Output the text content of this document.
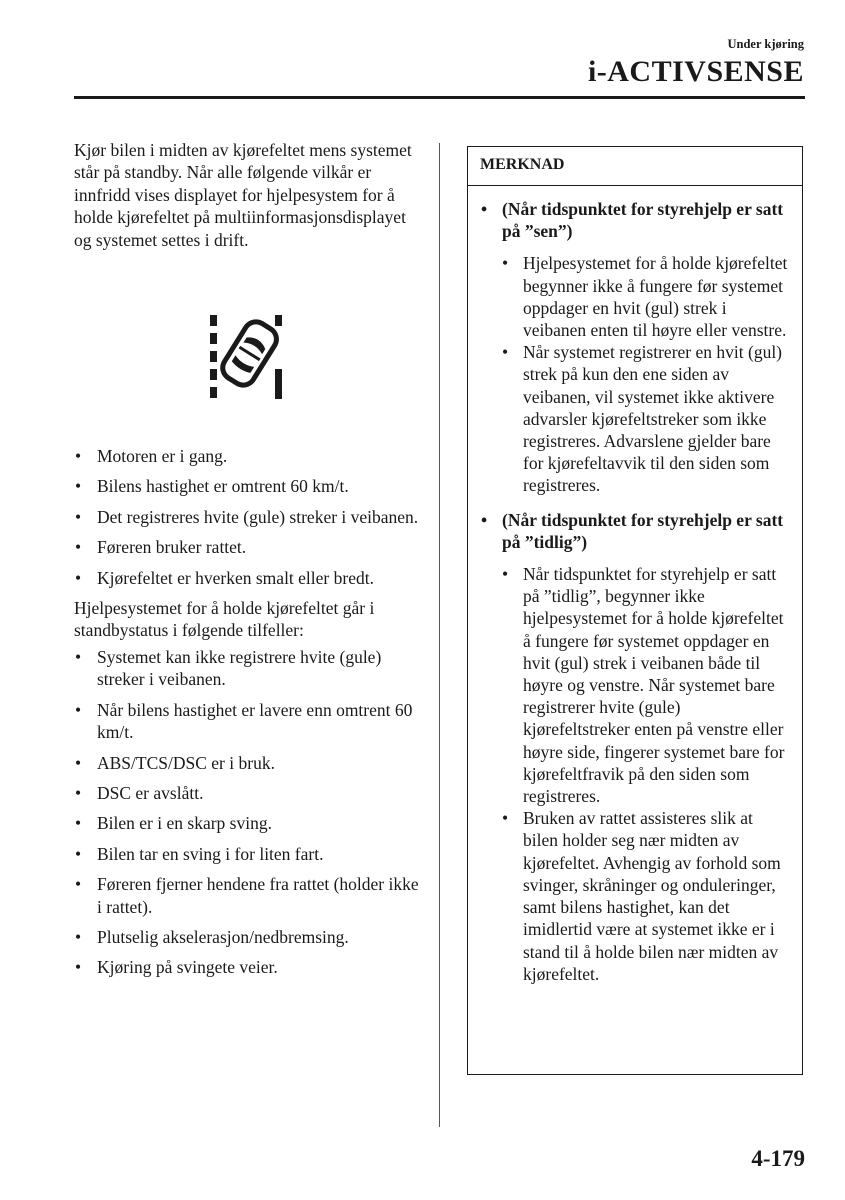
Under kjøring

i-ACTIVSENSE

Kjør bilen i midten av kjørefeltet mens systemet står på standby. Når alle følgende vilkår er innfridd vises displayet for hjelpesystem for å holde kjørefeltet på multiinformasjonsdisplayet og systemet settes i drift.

• Motoren er i gang.
• Bilens hastighet er omtrent 60 km/t.
• Det registreres hvite (gule) streker i veibanen.
• Føreren bruker rattet.
• Kjørefeltet er hverken smalt eller bredt.

Hjelpesystemet for å holde kjørefeltet går i standbystatus i følgende tilfeller:

• Systemet kan ikke registrere hvite (gule) streker i veibanen.
• Når bilens hastighet er lavere enn omtrent 60 km/t.
• ABS/TCS/DSC er i bruk.
• DSC er avslått.
• Bilen er i en skarp sving.
• Bilen tar en sving i for liten fart.
• Føreren fjerner hendene fra rattet (holder ikke i rattet).
• Plutselig akselerasjon/nedbremsing.
• Kjøring på svingete veier.

MERKNAD

• (Når tidspunktet for styrehjelp er satt på ”sen”)

• Hjelpesystemet for å holde kjørefeltet begynner ikke å fungere før systemet oppdager en hvit (gul) strek i veibanen enten til høyre eller venstre.
• Når systemet registrerer en hvit (gul) strek på kun den ene siden av veibanen, vil systemet ikke aktivere advarsler kjørefeltstreker som ikke registreres. Advarslene gjelder bare for kjørefeltavvik til den siden som registreres.

• (Når tidspunktet for styrehjelp er satt på ”tidlig”)

• Når tidspunktet for styrehjelp er satt på ”tidlig”, begynner ikke hjelpesystemet for å holde kjørefeltet å fungere før systemet oppdager en hvit (gul) strek i veibanen både til høyre og venstre. Når systemet bare registrerer hvite (gule) kjørefeltstreker enten på venstre eller høyre side, fingerer systemet bare for kjørefeltfravik på den siden som registreres.
• Bruken av rattet assisteres slik at bilen holder seg nær midten av kjørefeltet. Avhengig av forhold som svinger, skråninger og onduleringer, samt bilens hastighet, kan det imidlertid være at systemet ikke er i stand til å holde bilen nær midten av kjørefeltet.

4-179
